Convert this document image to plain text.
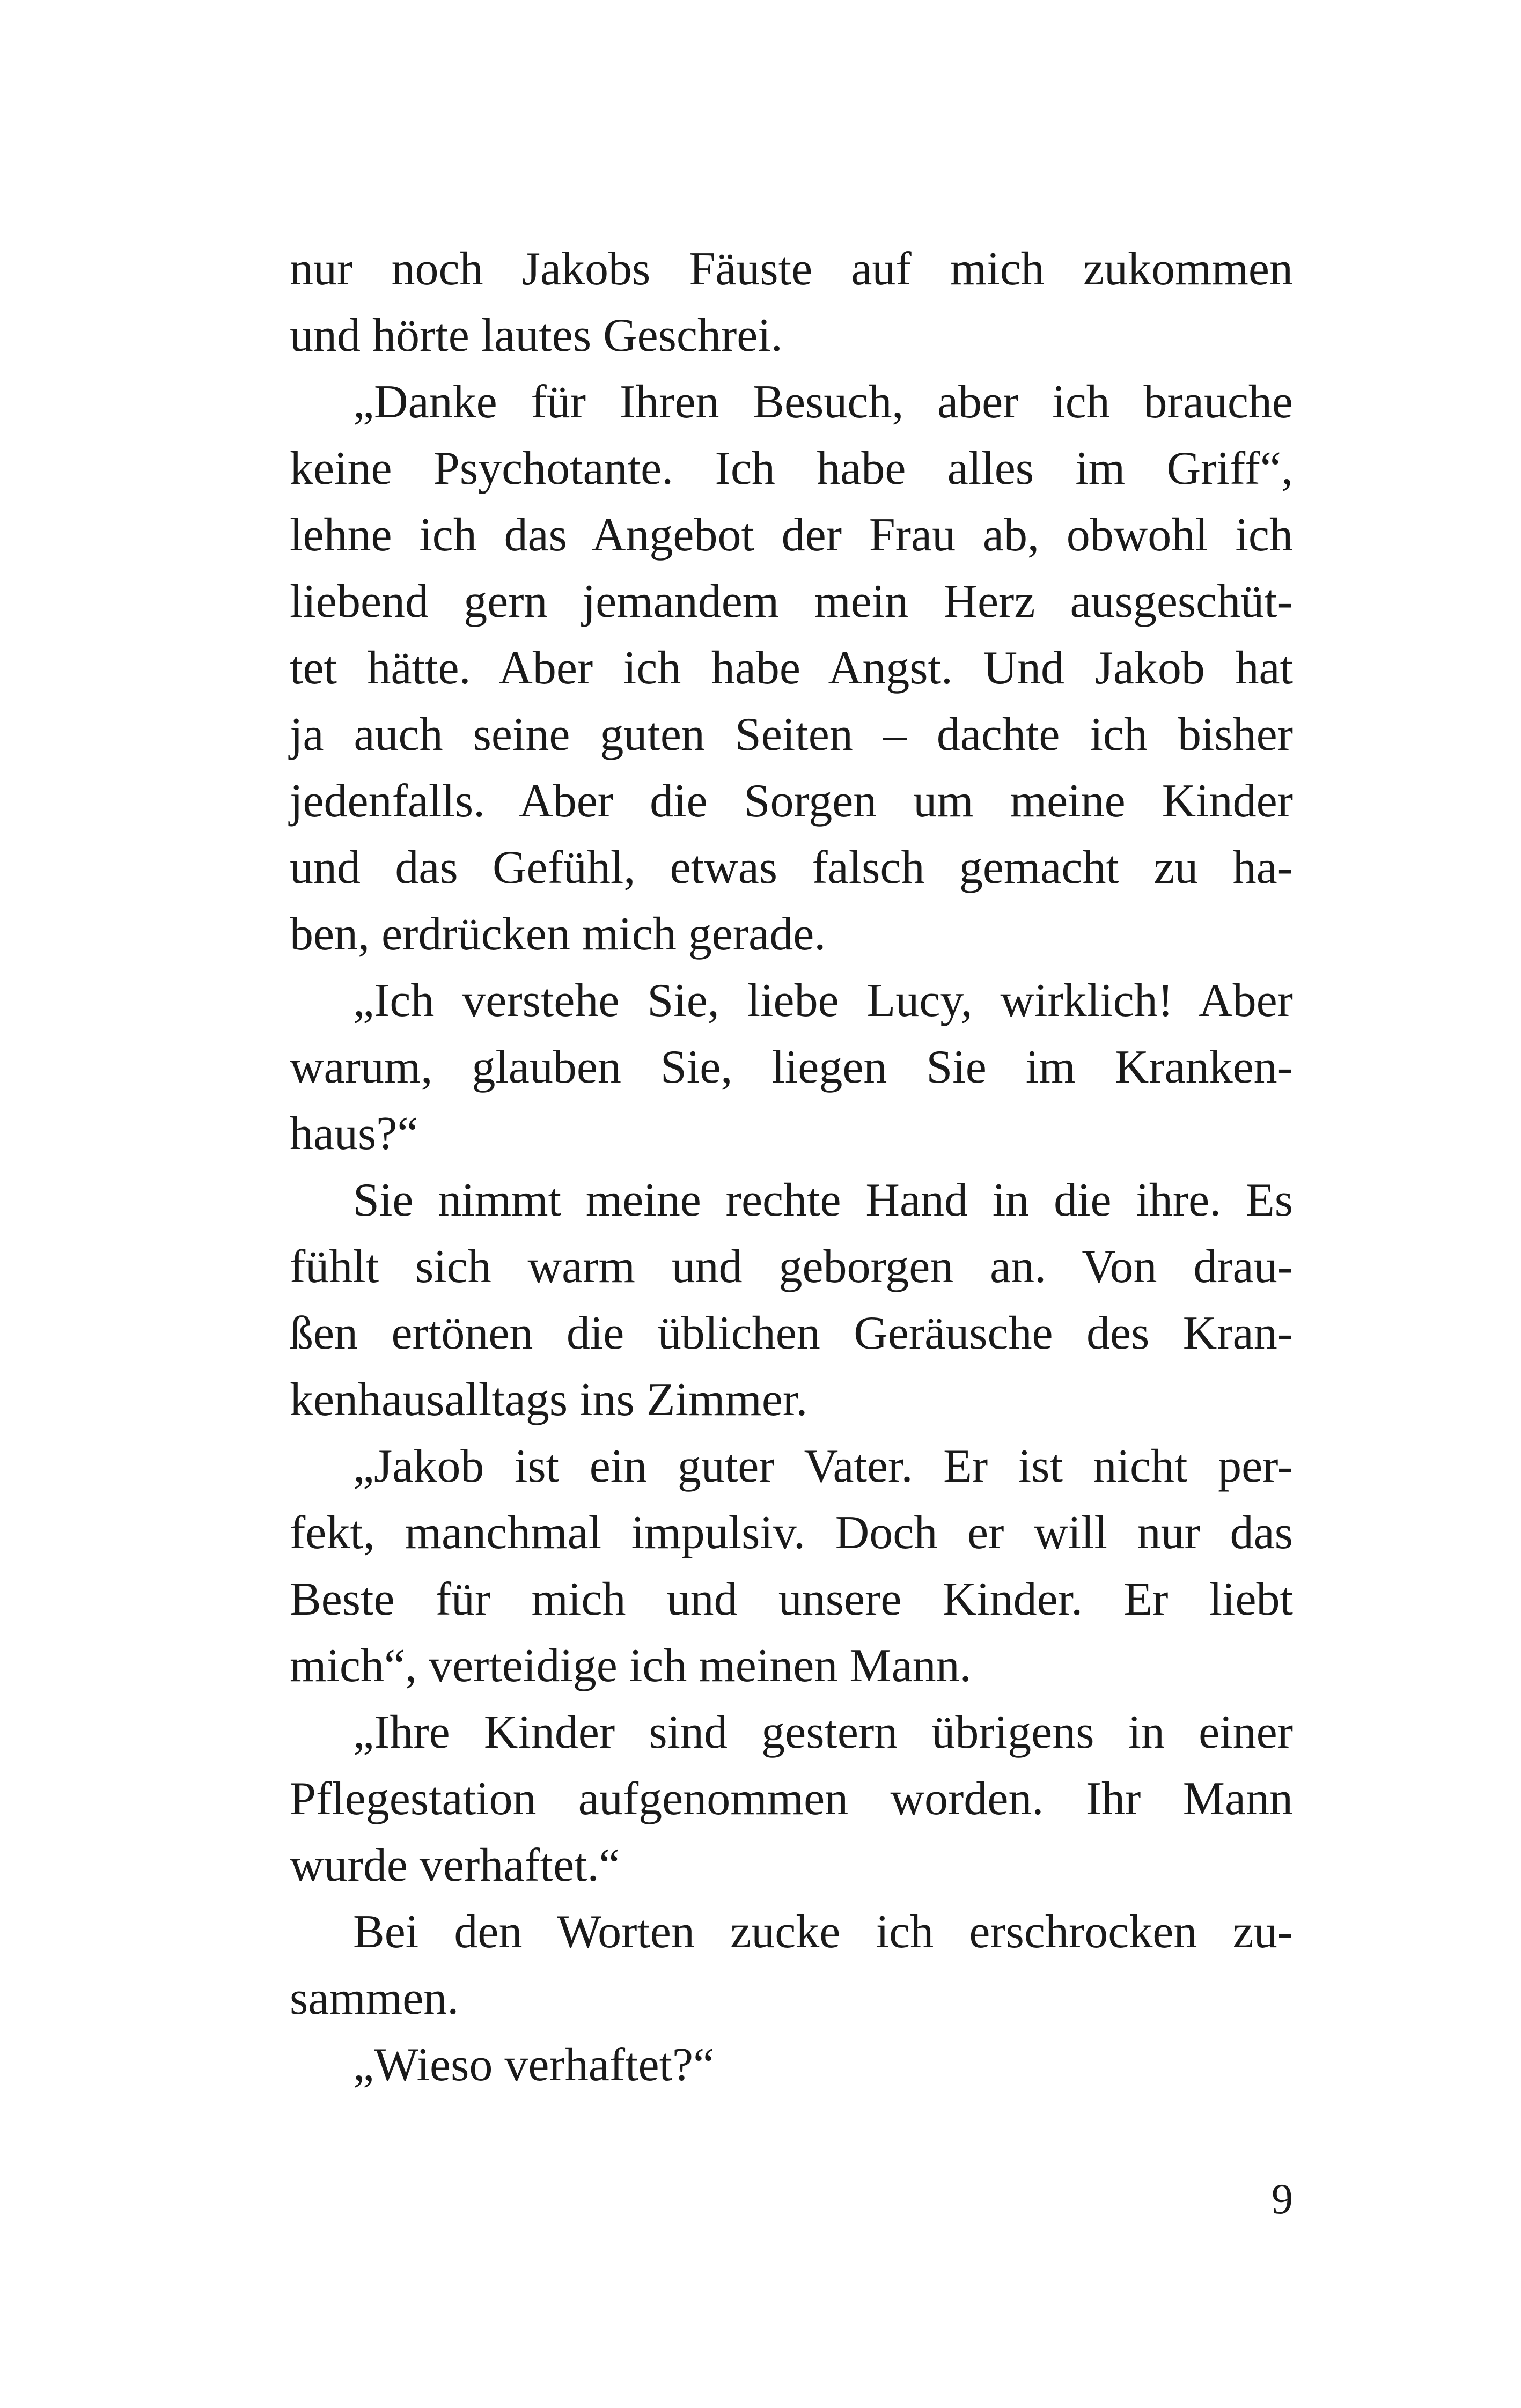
nur noch Jakobs Fäuste auf mich zukommen
und hörte lautes Geschrei.
„Danke für Ihren Besuch, aber ich brauche
keine Psychotante. Ich habe alles im Griff“,
lehne ich das Angebot der Frau ab, obwohl ich
liebend gern jemandem mein Herz ausgeschüt-
tet hätte. Aber ich habe Angst. Und Jakob hat
ja auch seine guten Seiten – dachte ich bisher
jedenfalls. Aber die Sorgen um meine Kinder
und das Gefühl, etwas falsch gemacht zu ha-
ben, erdrücken mich gerade.
„Ich verstehe Sie, liebe Lucy, wirklich! Aber
warum, glauben Sie, liegen Sie im Kranken-
haus?“
Sie nimmt meine rechte Hand in die ihre. Es
fühlt sich warm und geborgen an. Von drau-
ßen ertönen die üblichen Geräusche des Kran-
kenhausalltags ins Zimmer.
„Jakob ist ein guter Vater. Er ist nicht per-
fekt, manchmal impulsiv. Doch er will nur das
Beste für mich und unsere Kinder. Er liebt
mich“, verteidige ich meinen Mann.
„Ihre Kinder sind gestern übrigens in einer
Pflegestation aufgenommen worden. Ihr Mann
wurde verhaftet.“
Bei den Worten zucke ich erschrocken zu-
sammen.
„Wieso verhaftet?“
9
